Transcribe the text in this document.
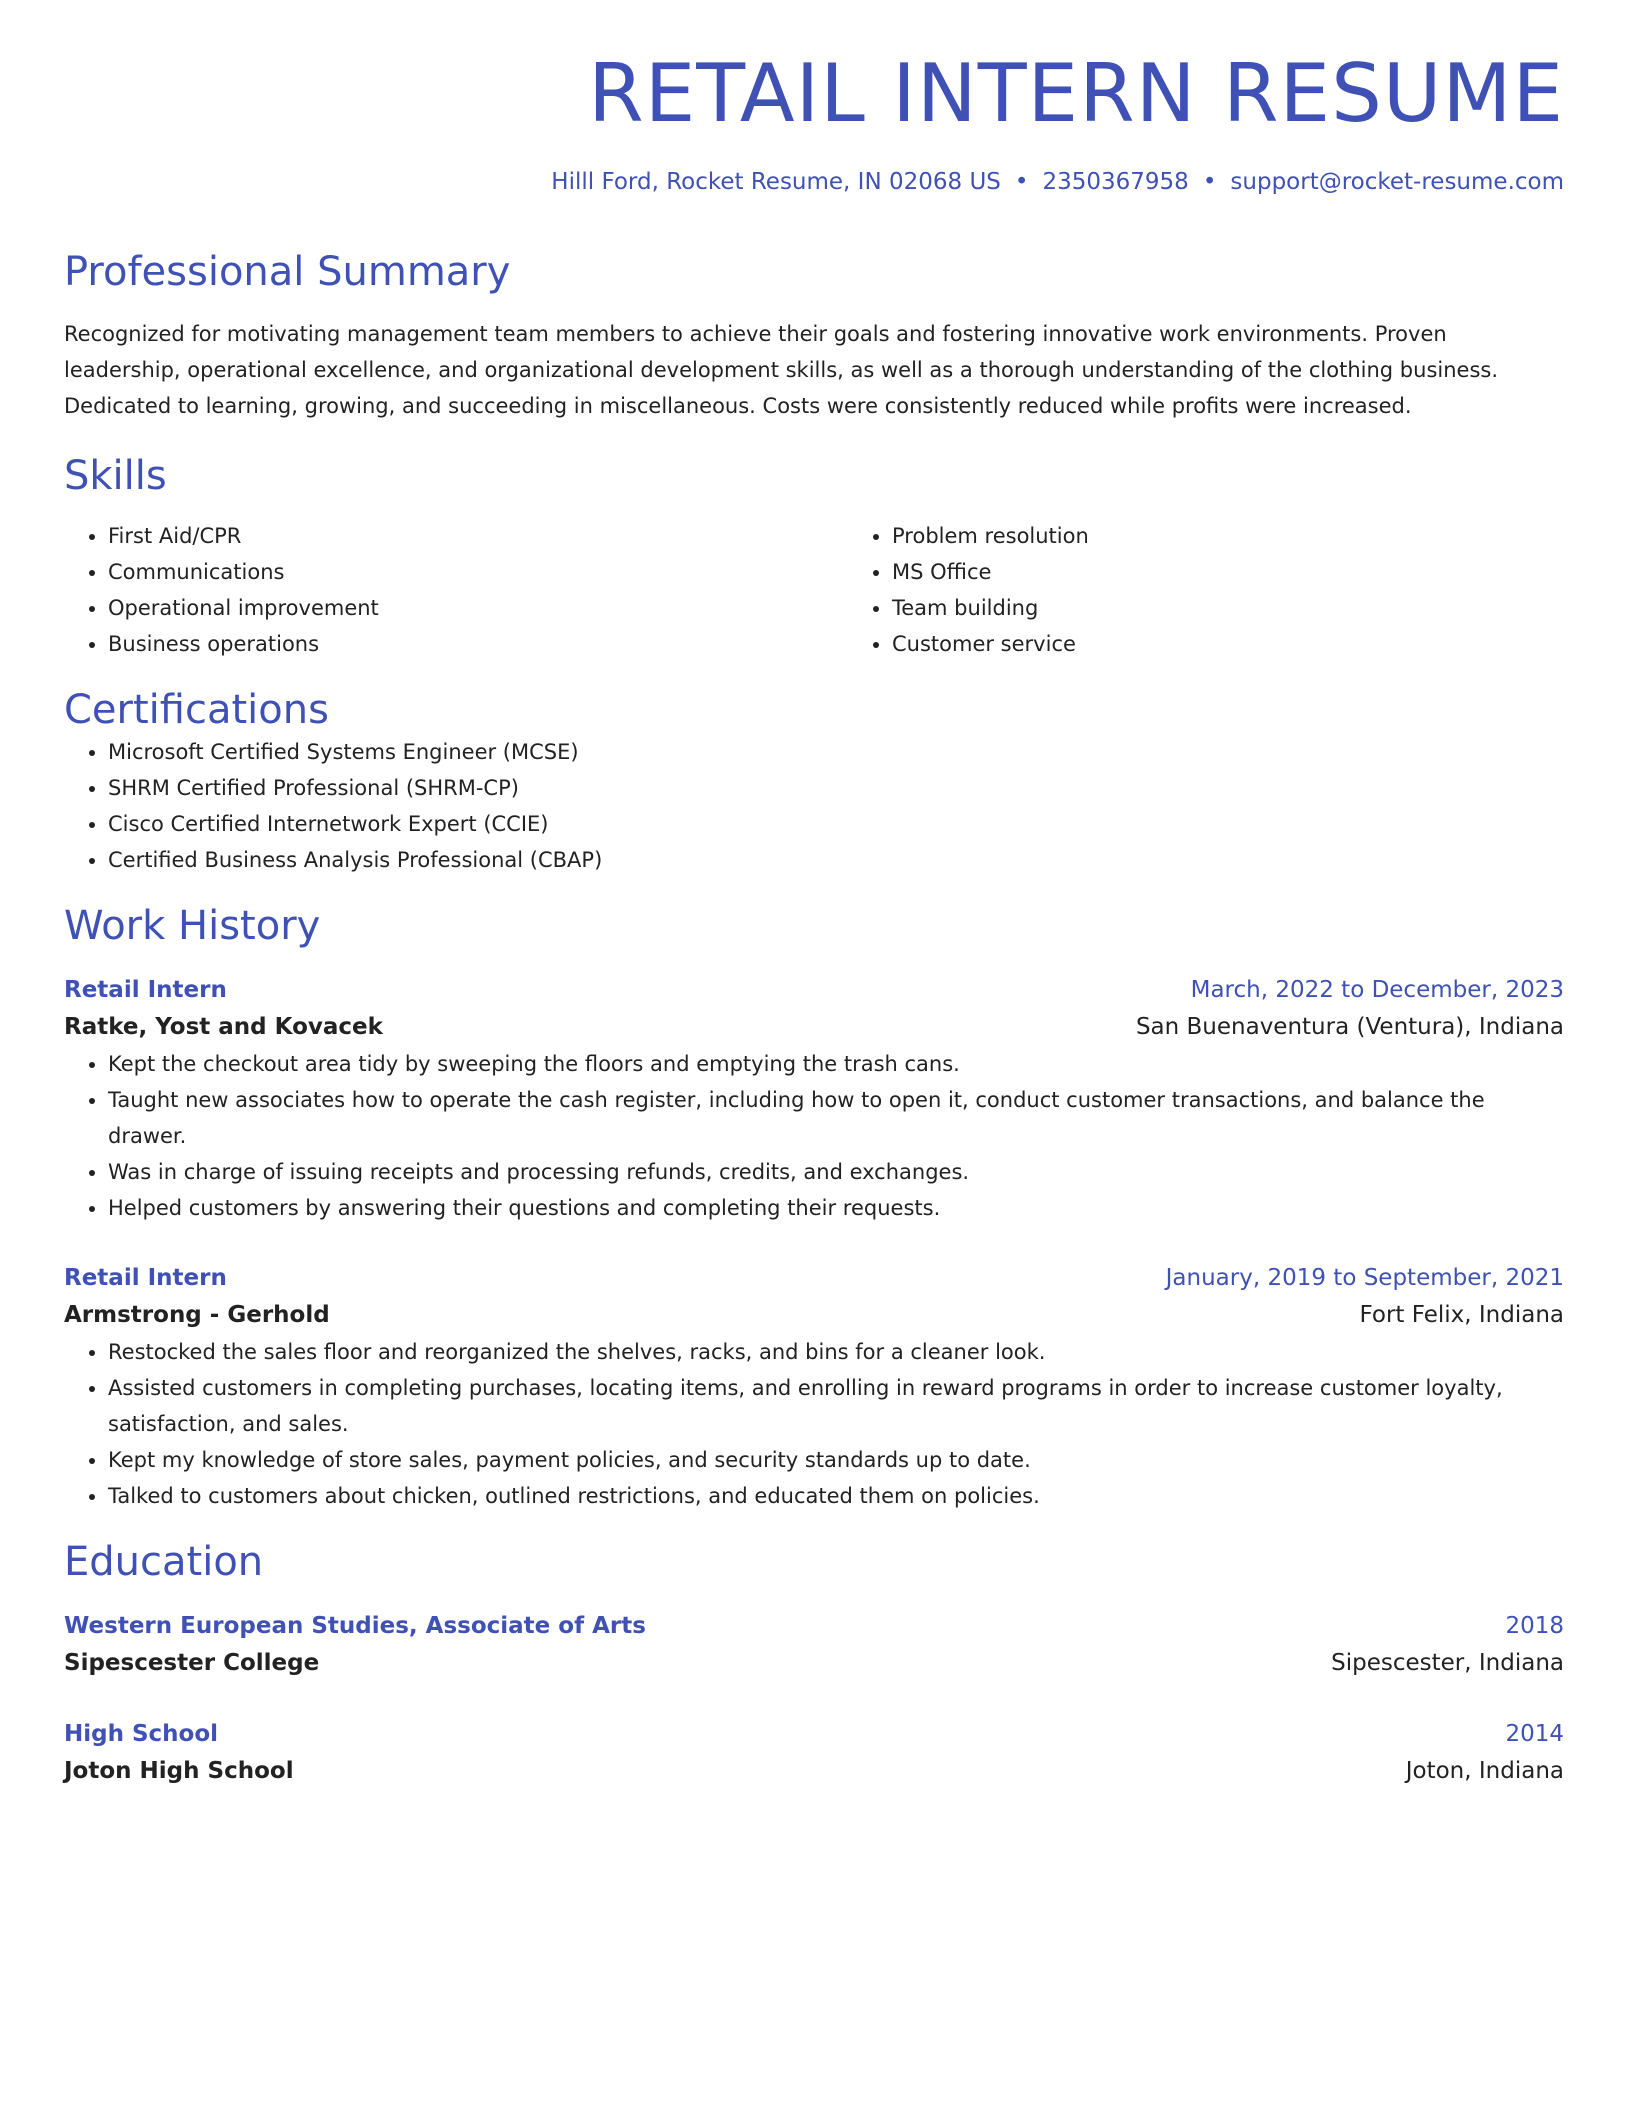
RETAIL INTERN RESUME
Hilll Ford, Rocket Resume, IN 02068 US • 2350367958 • support@rocket-resume.com
Professional Summary
Recognized for motivating management team members to achieve their goals and fostering innovative work environments. Proven leadership, operational excellence, and organizational development skills, as well as a thorough understanding of the clothing business. Dedicated to learning, growing, and succeeding in miscellaneous. Costs were consistently reduced while profits were increased.
Skills
• First Aid/CPR
• Communications
• Operational improvement
• Business operations
• Problem resolution
• MS Office
• Team building
• Customer service
Certifications
• Microsoft Certified Systems Engineer (MCSE)
• SHRM Certified Professional (SHRM-CP)
• Cisco Certified Internetwork Expert (CCIE)
• Certified Business Analysis Professional (CBAP)
Work History
Retail Intern	March, 2022 to December, 2023
Ratke, Yost and Kovacek	San Buenaventura (Ventura), Indiana
• Kept the checkout area tidy by sweeping the floors and emptying the trash cans.
• Taught new associates how to operate the cash register, including how to open it, conduct customer transactions, and balance the drawer.
• Was in charge of issuing receipts and processing refunds, credits, and exchanges.
• Helped customers by answering their questions and completing their requests.
Retail Intern	January, 2019 to September, 2021
Armstrong - Gerhold	Fort Felix, Indiana
• Restocked the sales floor and reorganized the shelves, racks, and bins for a cleaner look.
• Assisted customers in completing purchases, locating items, and enrolling in reward programs in order to increase customer loyalty, satisfaction, and sales.
• Kept my knowledge of store sales, payment policies, and security standards up to date.
• Talked to customers about chicken, outlined restrictions, and educated them on policies.
Education
Western European Studies, Associate of Arts	2018
Sipescester College	Sipescester, Indiana
High School	2014
Joton High School	Joton, Indiana
